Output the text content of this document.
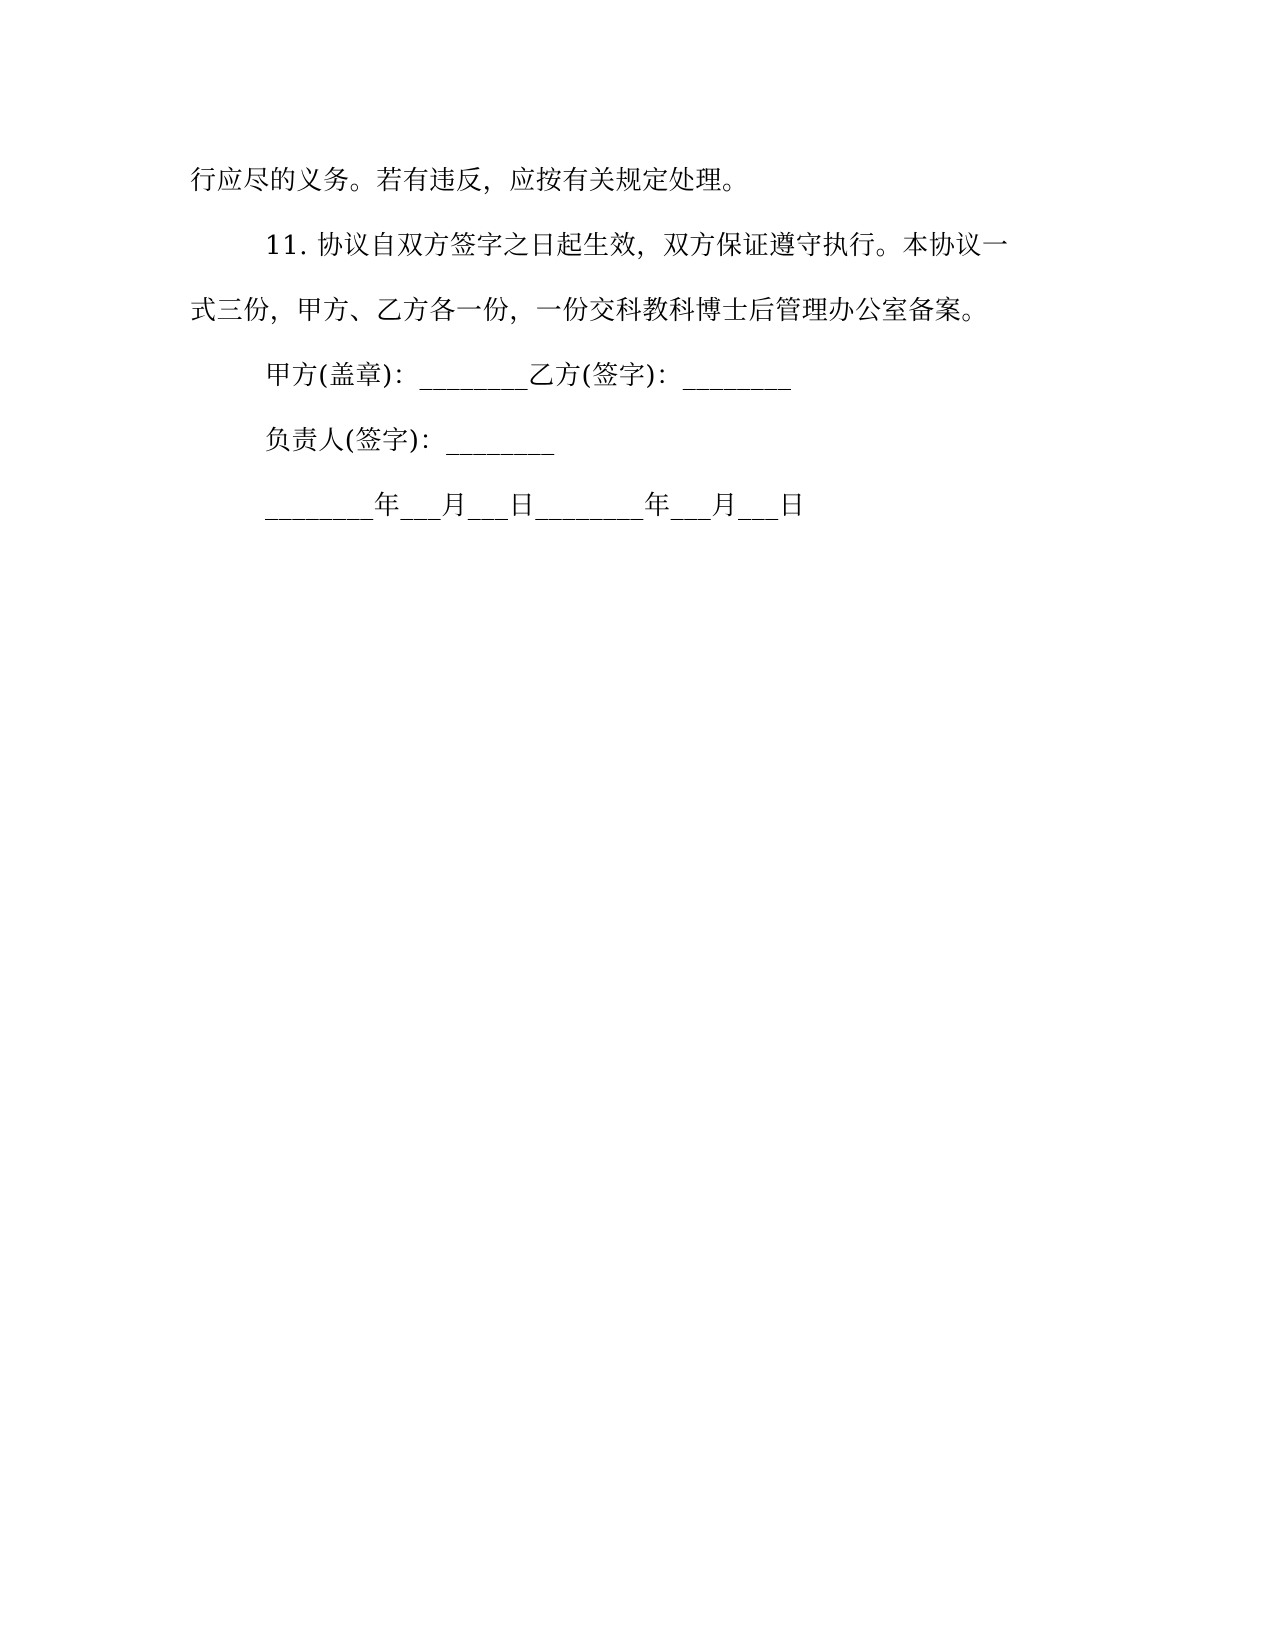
行应尽的义务。若有违反，应按有关规定处理。
11. 协议自双方签字之日起生效，双方保证遵守执行。本协议一
式三份，甲方、乙方各一份，一份交科教科博士后管理办公室备案。
甲方(盖章)：________乙方(签字)：________
负责人(签字)：________
________年___月___日________年___月___日
